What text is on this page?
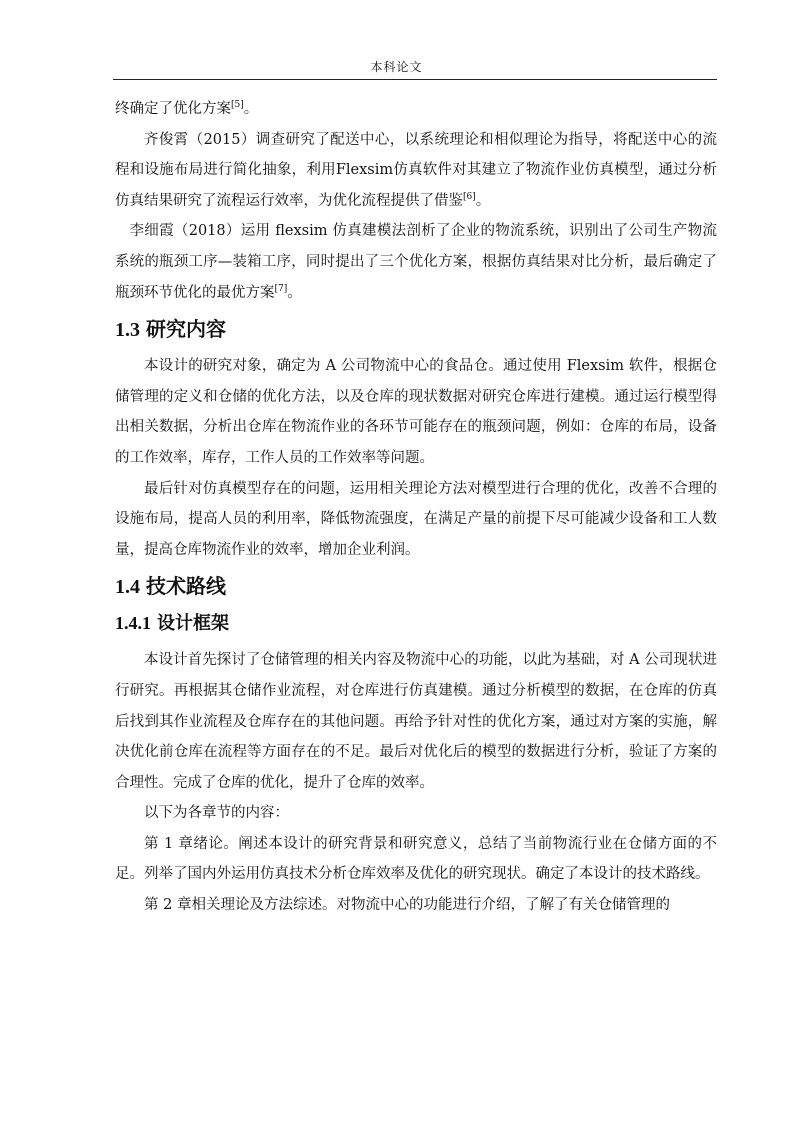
本科论文

终确定了优化方案[5]。

齐俊霄（2015）调查研究了配送中心，以系统理论和相似理论为指导，将配送中心的流程和设施布局进行简化抽象，利用Flexsim仿真软件对其建立了物流作业仿真模型，通过分析仿真结果研究了流程运行效率，为优化流程提供了借鉴[6]。

李细霞（2018）运用 flexsim 仿真建模法剖析了企业的物流系统，识别出了公司生产物流系统的瓶颈工序—装箱工序，同时提出了三个优化方案，根据仿真结果对比分析，最后确定了瓶颈环节优化的最优方案[7]。

1.3 研究内容

本设计的研究对象，确定为 A 公司物流中心的食品仓。通过使用 Flexsim 软件，根据仓储管理的定义和仓储的优化方法，以及仓库的现状数据对研究仓库进行建模。通过运行模型得出相关数据，分析出仓库在物流作业的各环节可能存在的瓶颈问题，例如：仓库的布局，设备的工作效率，库存，工作人员的工作效率等问题。

最后针对仿真模型存在的问题，运用相关理论方法对模型进行合理的优化，改善不合理的设施布局，提高人员的利用率，降低物流强度，在满足产量的前提下尽可能减少设备和工人数量，提高仓库物流作业的效率，增加企业利润。

1.4 技术路线
1.4.1 设计框架

本设计首先探讨了仓储管理的相关内容及物流中心的功能，以此为基础，对 A 公司现状进行研究。再根据其仓储作业流程，对仓库进行仿真建模。通过分析模型的数据，在仓库的仿真后找到其作业流程及仓库存在的其他问题。再给予针对性的优化方案，通过对方案的实施，解决优化前仓库在流程等方面存在的不足。最后对优化后的模型的数据进行分析，验证了方案的合理性。完成了仓库的优化，提升了仓库的效率。

以下为各章节的内容：

第 1 章绪论。阐述本设计的研究背景和研究意义，总结了当前物流行业在仓储方面的不足。列举了国内外运用仿真技术分析仓库效率及优化的研究现状。确定了本设计的技术路线。

第 2 章相关理论及方法综述。对物流中心的功能进行介绍，了解了有关仓储管理的
